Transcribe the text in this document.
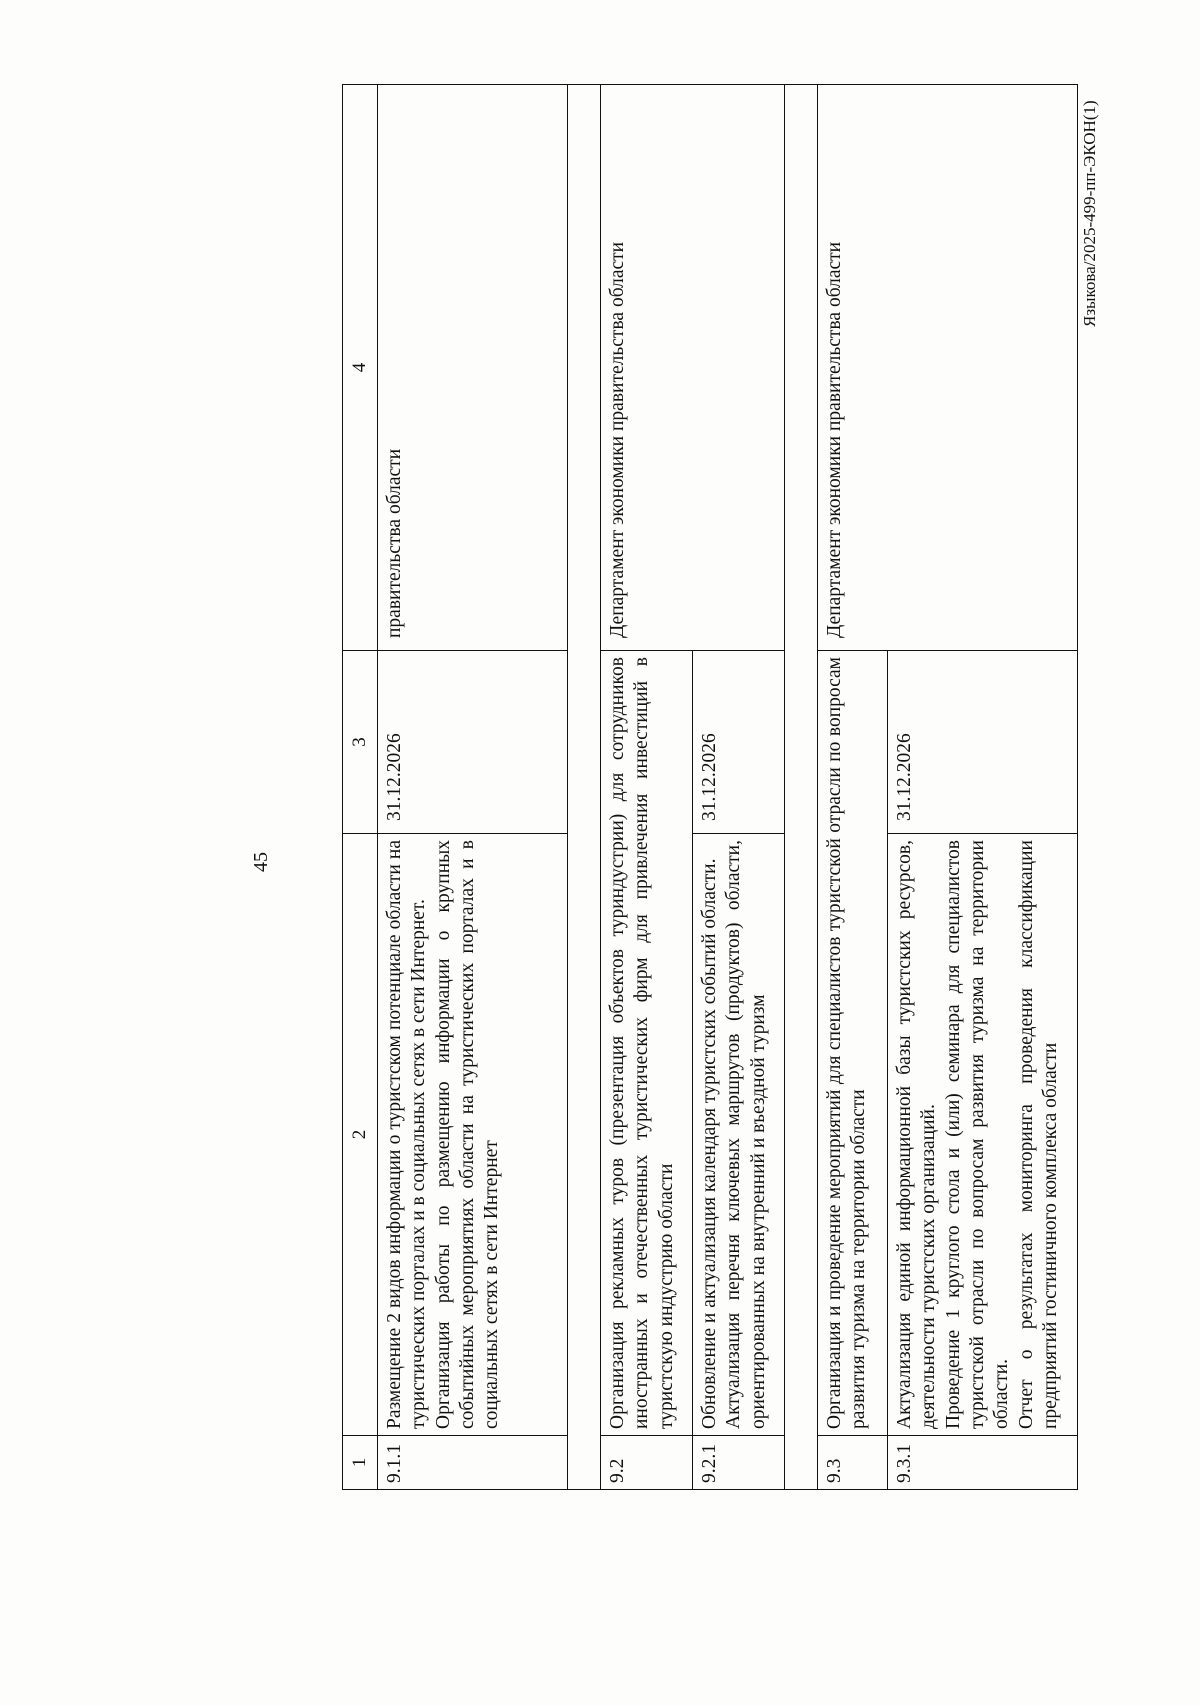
45
1	2	3	4
9.1.1	Размещение 2 видов информации о туристском потенциале области на туристических порталах и в социальных сетях в сети Интернет. Организация работы по размещению информации о крупных событийных мероприятиях области на туристических порталах и в социальных сетях в сети Интернет	31.12.2026	правительства области

9.2	Организация рекламных туров (презентация объектов туриндустрии) для сотрудников иностранных и отечественных туристических фирм для привлечения инвестиций в туристскую индустрию области		Департамент экономики правительства области
9.2.1	Обновление и актуализация календаря туристских событий области. Актуализация перечня ключевых маршрутов (продуктов) области, ориентированных на внутренний и въездной туризм	31.12.2026	

9.3	Организация и проведение мероприятий для специалистов туристской отрасли по вопросам развития туризма на территории области		Департамент экономики правительства области
9.3.1	Актуализация единой информационной базы туристских ресурсов, деятельности туристских организаций. Проведение 1 круглого стола и (или) семинара для специалистов туристской отрасли по вопросам развития туризма на территории области. Отчет о результатах мониторинга проведения классификации предприятий гостиничного комплекса области	31.12.2026	
Языкова/2025-499-пп-ЭКОН(1)
